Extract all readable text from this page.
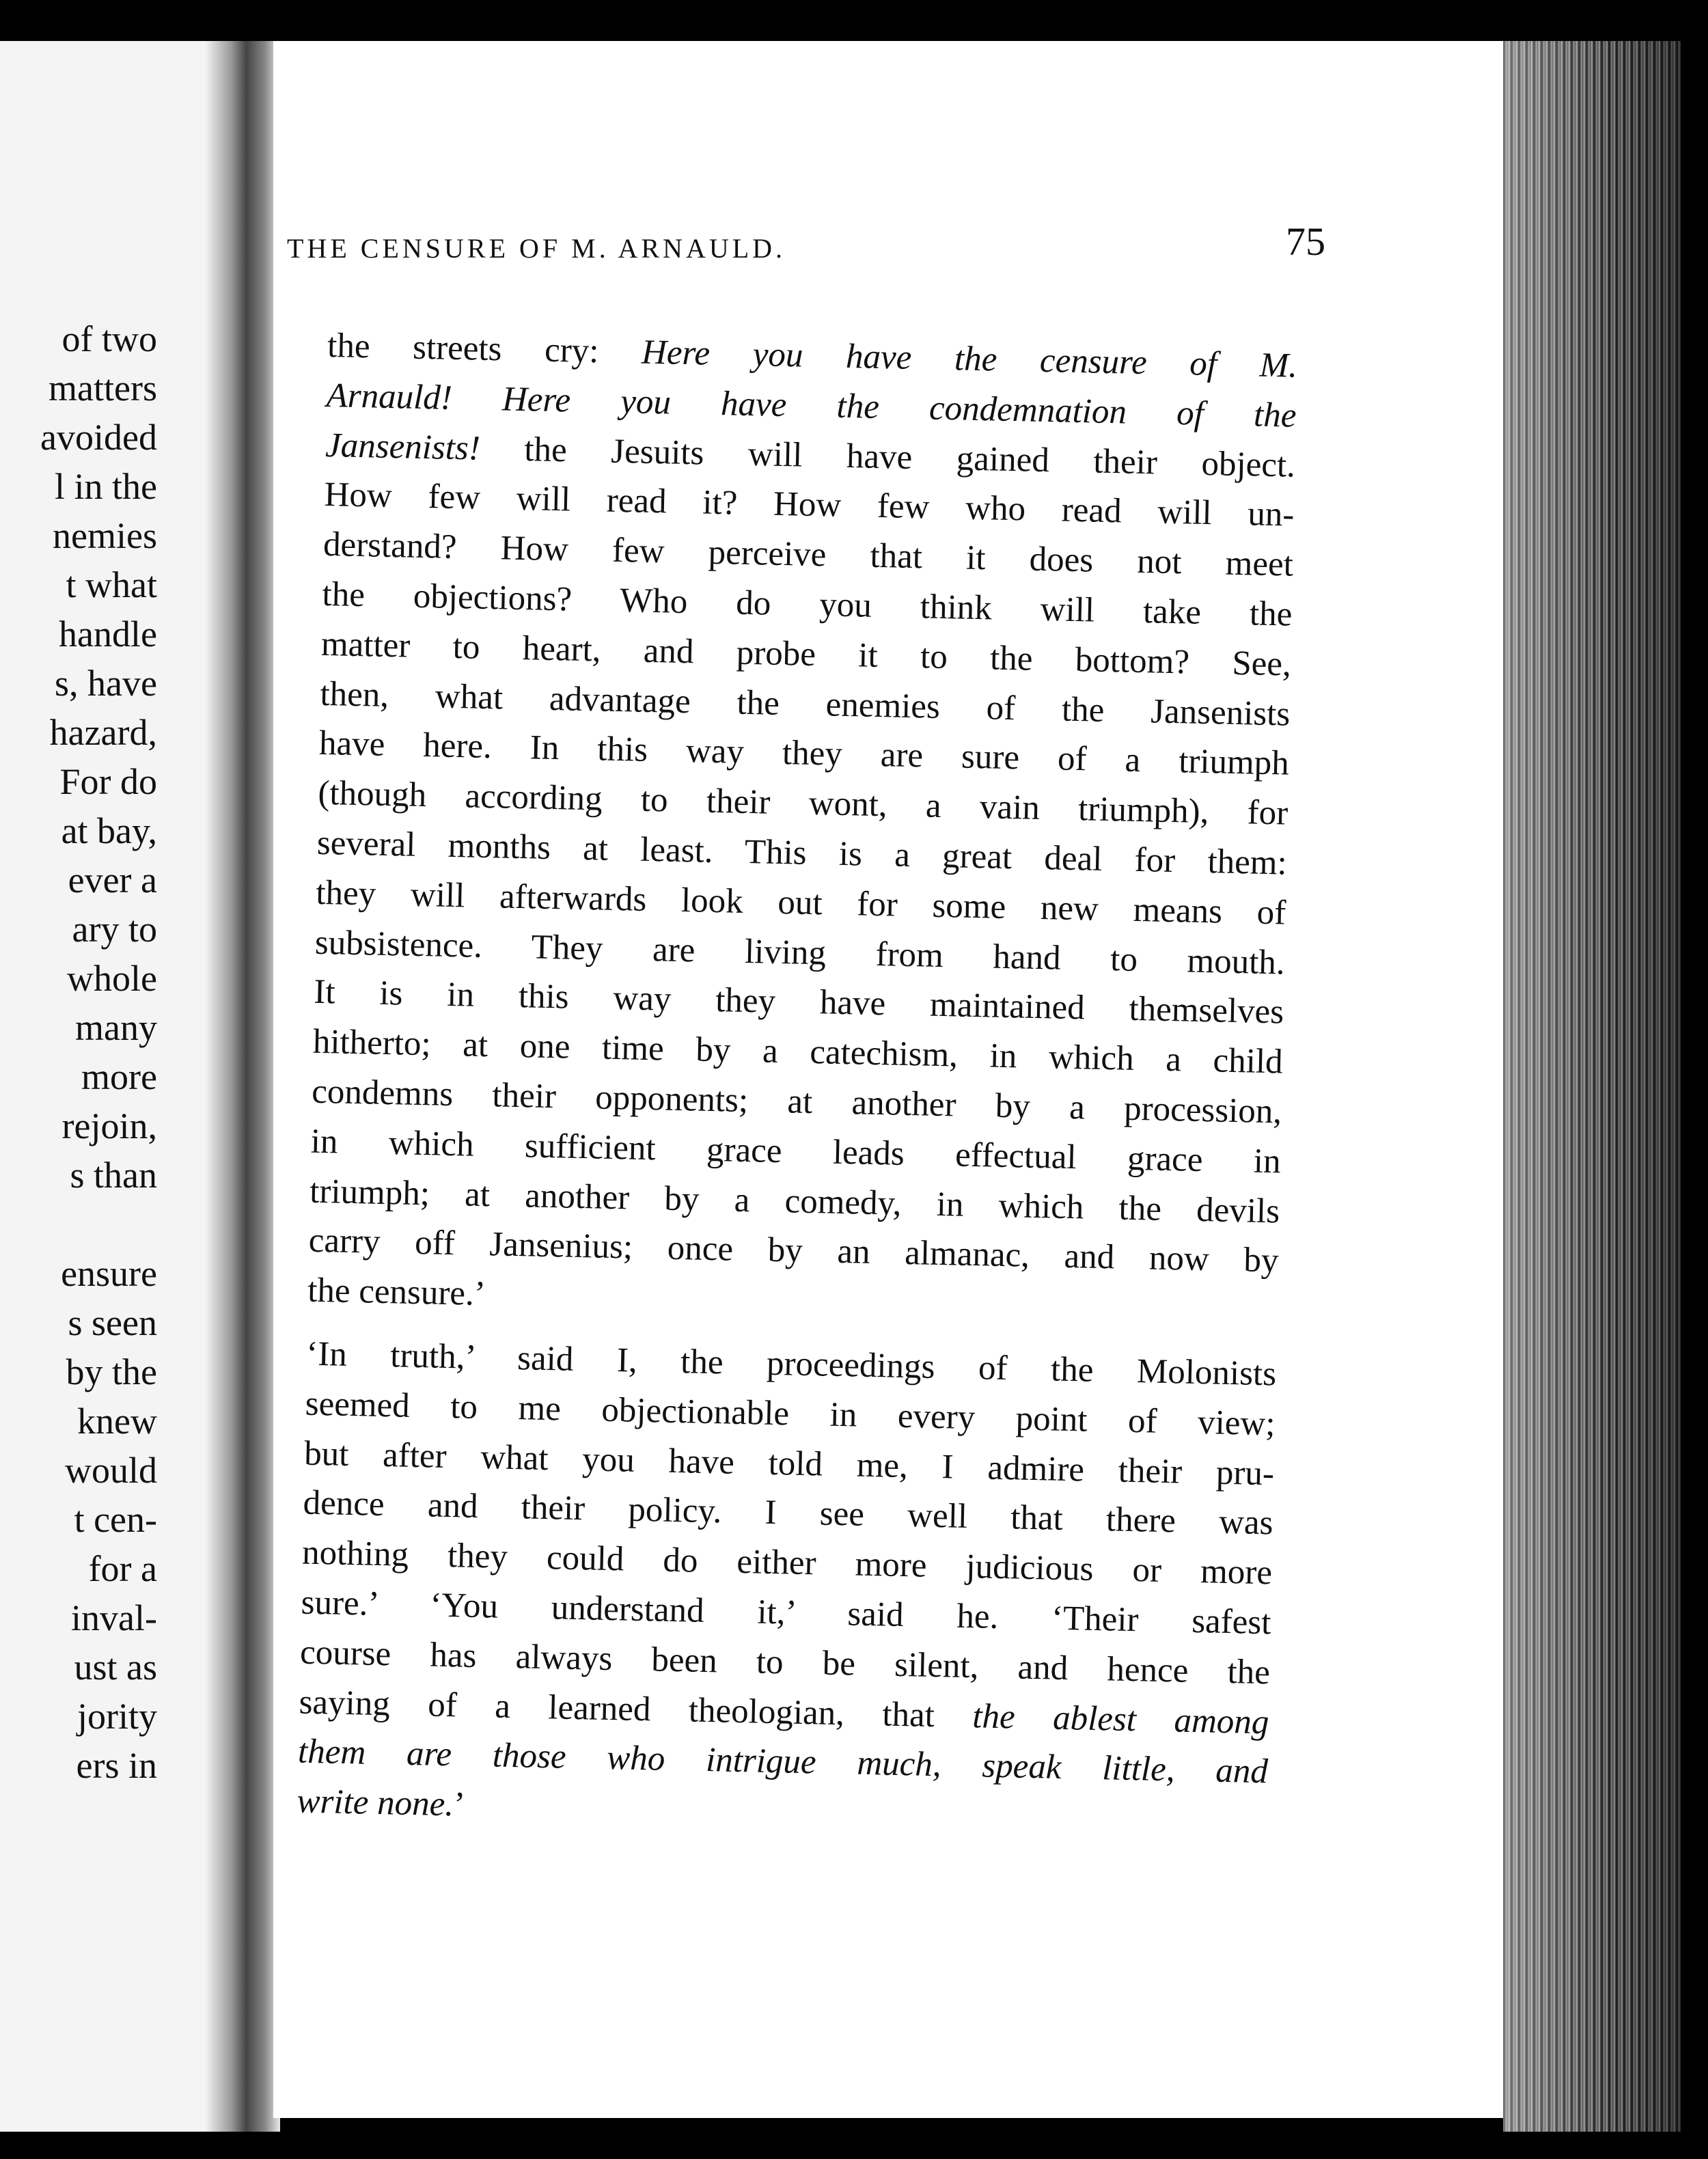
of two
matters
avoided
l in the
nemies
t what
handle
s, have
hazard,
For do
at bay,
ever a
ary to
whole
many
more
rejoin,
s than
ensure
s seen
by the
knew
would
t cen-
for a
inval-
ust as
jority
ers in
THE CENSURE OF M. ARNAULD.	75

the streets cry: Here you have the censure of M.
Arnauld! Here you have the condemnation of the
Jansenists! the Jesuits will have gained their object.
How few will read it? How few who read will un-
derstand? How few perceive that it does not meet
the objections? Who do you think will take the
matter to heart, and probe it to the bottom? See,
then, what advantage the enemies of the Jansenists
have here. In this way they are sure of a triumph
(though according to their wont, a vain triumph), for
several months at least. This is a great deal for them:
they will afterwards look out for some new means of
subsistence. They are living from hand to mouth.
It is in this way they have maintained themselves
hitherto; at one time by a catechism, in which a child
condemns their opponents; at another by a procession,
in which sufficient grace leads effectual grace in
triumph; at another by a comedy, in which the devils
carry off Jansenius; once by an almanac, and now by
the censure.’

‘In truth,’ said I, the proceedings of the Molonists
seemed to me objectionable in every point of view;
but after what you have told me, I admire their pru-
dence and their policy. I see well that there was
nothing they could do either more judicious or more
sure.’ ‘You understand it,’ said he. ‘Their safest
course has always been to be silent, and hence the
saying of a learned theologian, that the ablest among
them are those who intrigue much, speak little, and
write none.’
